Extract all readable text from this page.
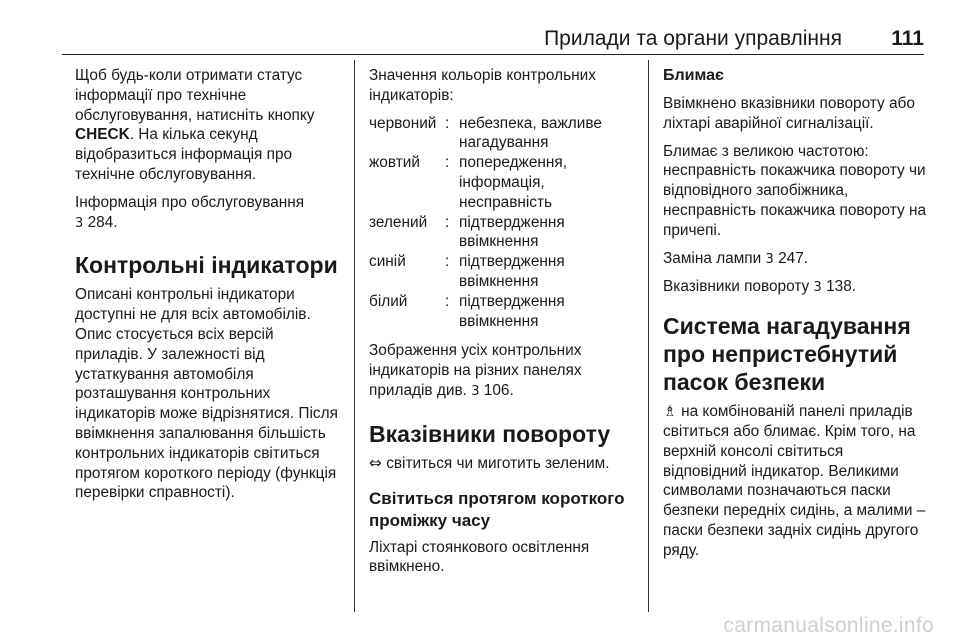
Прилади та органи управління 111

Щоб будь-коли отримати статус інформації про технічне обслуговування, натисніть кнопку CHECK. На кілька секунд відобразиться інформація про технічне обслуговування.

Інформація про обслуговування
3 284.

Контрольні індикатори

Описані контрольні індикатори доступні не для всіх автомобілів. Опис стосується всіх версій приладів. У залежності від устаткування автомобіля розташування контрольних індикаторів може відрізнятися. Після ввімкнення запалювання більшість контрольних індикаторів світиться протягом короткого періоду (функція перевірки справності).

Значення кольорів контрольних індикаторів:

червоний : небезпека, важливе нагадування
жовтий	: попередження, інформація, несправність
зелений	: підтвердження ввімкнення
синій	: підтвердження ввімкнення
білий	: підтвердження ввімкнення

Зображення усіх контрольних індикаторів на різних панелях приладів див. 3 106.

Вказівники повороту

⇔ світиться чи миготить зеленим.

Світиться протягом короткого проміжку часу

Ліхтарі стоянкового освітлення ввімкнено.

Блимає

Ввімкнено вказівники повороту або ліхтарі аварійної сигналізації.

Блимає з великою частотою: несправність покажчика повороту чи відповідного запобіжника, несправність покажчика повороту на причепі.

Заміна лампи 3 247.

Вказівники повороту 3 138.

Система нагадування про непристебнутий пасок безпеки

♗ на комбінованій панелі приладів світиться або блимає. Крім того, на верхній консолі світиться відповідний індикатор. Великими символами позначаються паски безпеки передніх сидінь, а малими – паски безпеки задніх сидінь другого ряду.

carmanualsonline.info
